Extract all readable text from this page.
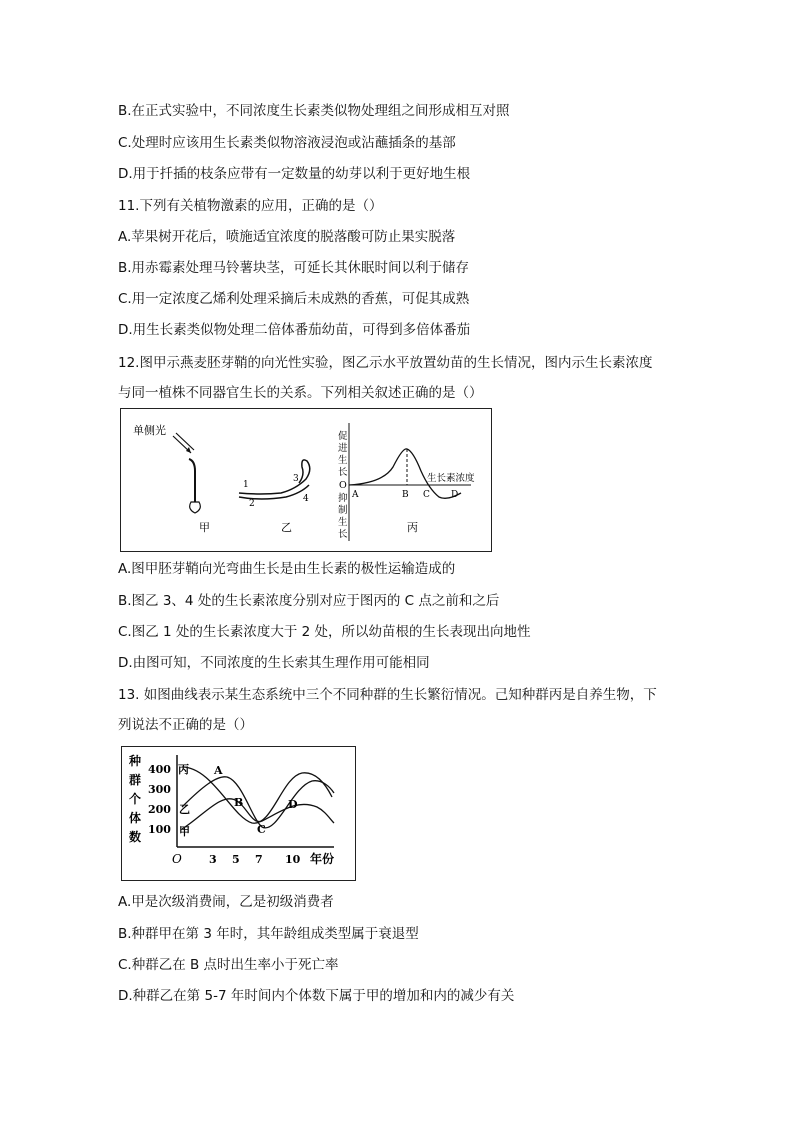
B.在正式实验中，不同浓度生长素类似物处理组之间形成相互对照
C.处理时应该用生长素类似物溶液浸泡或沾蘸插条的基部
D.用于扦插的枝条应带有一定数量的幼芽以利于更好地生根
11.下列有关植物激素的应用，正确的是（）
A.苹果树开花后，喷施适宜浓度的脱落酸可防止果实脱落
B.用赤霉素处理马铃薯块茎，可延长其休眠时间以利于储存
C.用一定浓度乙烯利处理采摘后未成熟的香蕉，可促其成熟
D.用生长素类似物处理二倍体番茄幼苗，可得到多倍体番茄
12.图甲示燕麦胚芽鞘的向光性实验，图乙示水平放置幼苗的生长情况，图内示生长素浓度
与同一植株不同器官生长的关系。下列相关叙述正确的是（）
单侧光
甲
1
2
3
4
乙
促
进
生
长
O
抑
制
生
长
生长素浓度
A	B C D
丙
A.图甲胚芽鞘向光弯曲生长是由生长素的极性运输造成的
B.图乙 3、4 处的生长素浓度分别对应于图丙的 C 点之前和之后
C.图乙 1 处的生长素浓度大于 2 处，所以幼苗根的生长表现出向地性
D.由图可知，不同浓度的生长索其生理作用可能相同
13. 如图曲线表示某生态系统中三个不同种群的生长繁衍情况。己知种群丙是自养生物，下
列说法不正确的是（）
种
群
个
体
数
400
300
200
100
O 3 5 7 10 年份
丙
乙
甲
A
B
C
D
A.甲是次级消费闹，乙是初级消费者
B.种群甲在第 3 年时，其年龄组成类型属于衰退型
C.种群乙在 B 点时出生率小于死亡率
D.种群乙在第 5-7 年时间内个体数下属于甲的增加和内的减少有关
